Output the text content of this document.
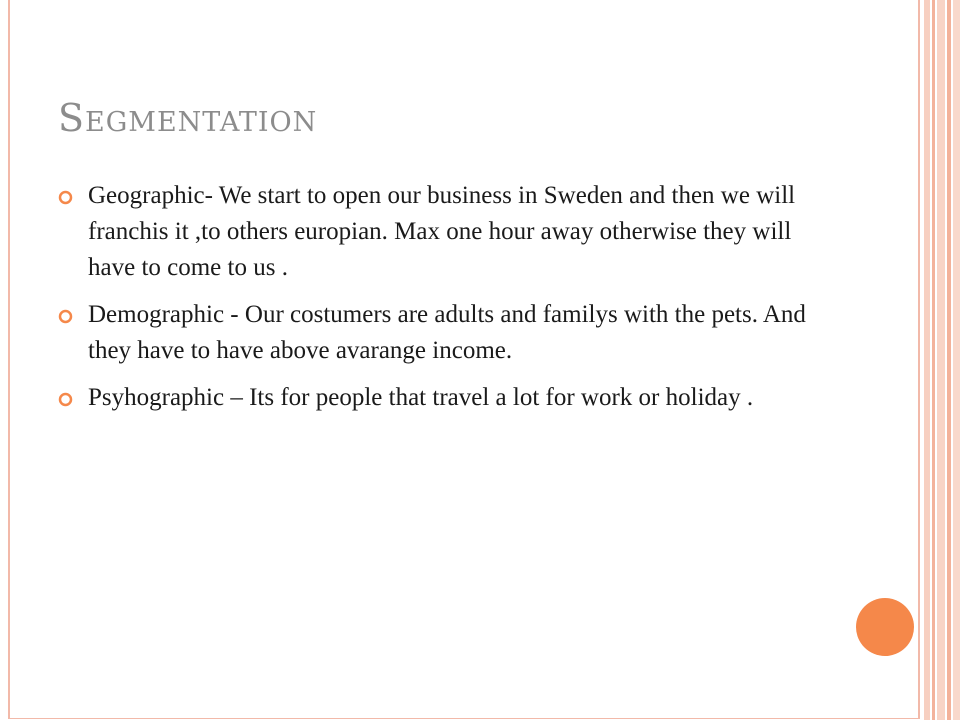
Segmentation
Geographic- We start to open our business in Sweden and then we will franchis it ,to others europian. Max one hour away otherwise they will have to come to us .
Demographic - Our costumers are adults and familys with the pets. And they have to have above avarange income.
Psyhographic – Its for people that travel a lot for work or holiday .
